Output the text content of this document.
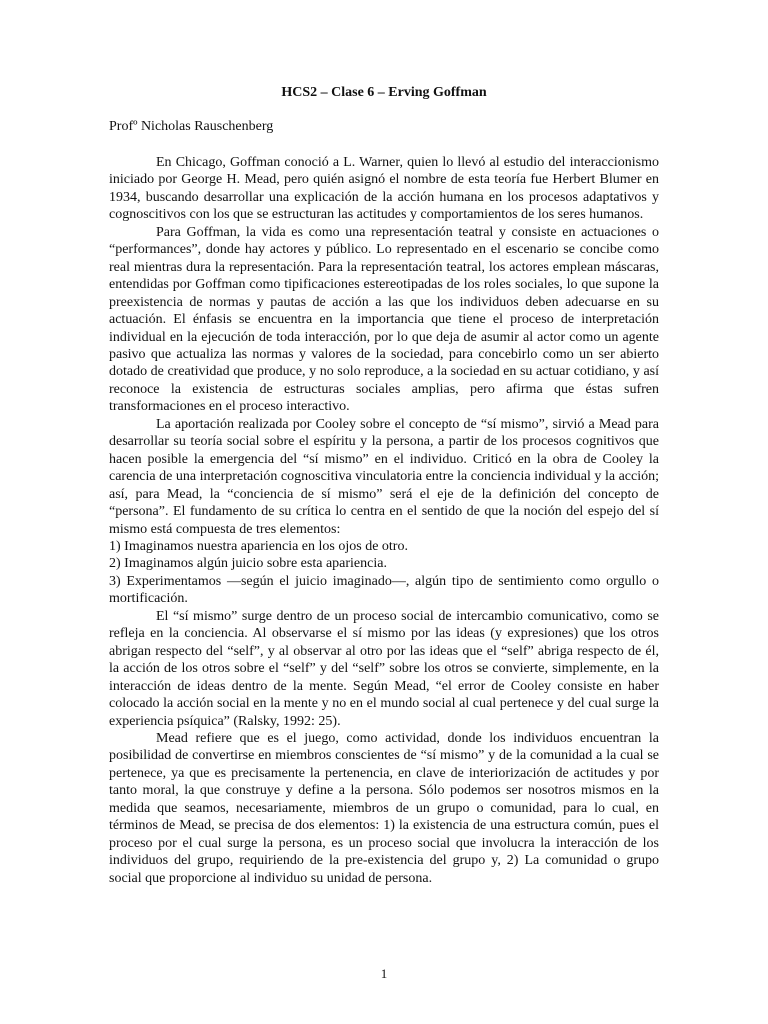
HCS2 – Clase 6 – Erving Goffman
Profº Nicholas Rauschenberg

En Chicago, Goffman conoció a L. Warner, quien lo llevó al estudio del interaccionismo iniciado por George H. Mead, pero quién asignó el nombre de esta teoría fue Herbert Blumer en 1934, buscando desarrollar una explicación de la acción humana en los procesos adaptativos y cognoscitivos con los que se estructuran las actitudes y comportamientos de los seres humanos.

Para Goffman, la vida es como una representación teatral y consiste en actuaciones o “performances”, donde hay actores y público. Lo representado en el escenario se concibe como real mientras dura la representación. Para la representación teatral, los actores emplean máscaras, entendidas por Goffman como tipificaciones estereotipadas de los roles sociales, lo que supone la preexistencia de normas y pautas de acción a las que los individuos deben adecuarse en su actuación. El énfasis se encuentra en la importancia que tiene el proceso de interpretación individual en la ejecución de toda interacción, por lo que deja de asumir al actor como un agente pasivo que actualiza las normas y valores de la sociedad, para concebirlo como un ser abierto dotado de creatividad que produce, y no solo reproduce, a la sociedad en su actuar cotidiano, y así reconoce la existencia de estructuras sociales amplias, pero afirma que éstas sufren transformaciones en el proceso interactivo.

La aportación realizada por Cooley sobre el concepto de “sí mismo”, sirvió a Mead para desarrollar su teoría social sobre el espíritu y la persona, a partir de los procesos cognitivos que hacen posible la emergencia del “sí mismo” en el individuo. Criticó en la obra de Cooley la carencia de una interpretación cognoscitiva vinculatoria entre la conciencia individual y la acción; así, para Mead, la “conciencia de sí mismo” será el eje de la definición del concepto de “persona”. El fundamento de su crítica lo centra en el sentido de que la noción del espejo del sí mismo está compuesta de tres elementos:

1) Imaginamos nuestra apariencia en los ojos de otro.

2) Imaginamos algún juicio sobre esta apariencia.

3) Experimentamos —según el juicio imaginado—, algún tipo de sentimiento como orgullo o mortificación.

El “sí mismo” surge dentro de un proceso social de intercambio comunicativo, como se refleja en la conciencia. Al observarse el sí mismo por las ideas (y expresiones) que los otros abrigan respecto del “self”, y al observar al otro por las ideas que el “self” abriga respecto de él, la acción de los otros sobre el “self” y del “self” sobre los otros se convierte, simplemente, en la interacción de ideas dentro de la mente. Según Mead, “el error de Cooley consiste en haber colocado la acción social en la mente y no en el mundo social al cual pertenece y del cual surge la experiencia psíquica” (Ralsky, 1992: 25).

Mead refiere que es el juego, como actividad, donde los individuos encuentran la posibilidad de convertirse en miembros conscientes de “sí mismo” y de la comunidad a la cual se pertenece, ya que es precisamente la pertenencia, en clave de interiorización de actitudes y por tanto moral, la que construye y define a la persona. Sólo podemos ser nosotros mismos en la medida que seamos, necesariamente, miembros de un grupo o comunidad, para lo cual, en términos de Mead, se precisa de dos elementos: 1) la existencia de una estructura común, pues el proceso por el cual surge la persona, es un proceso social que involucra la interacción de los individuos del grupo, requiriendo de la pre-existencia del grupo y, 2) La comunidad o grupo social que proporcione al individuo su unidad de persona.

1
